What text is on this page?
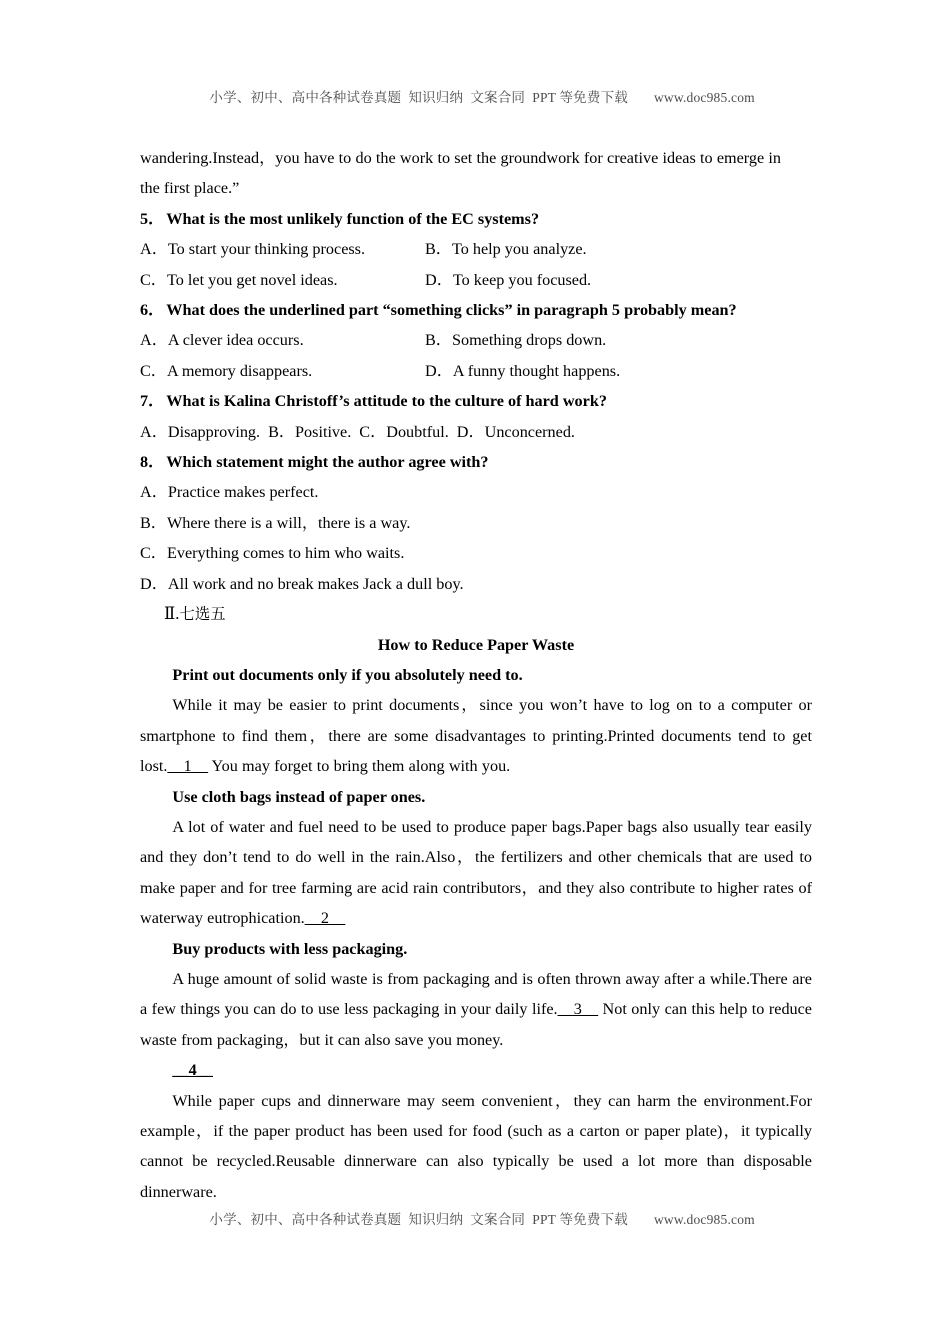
小学、初中、高中各种试卷真题  知识归纳  文案合同  PPT 等免费下载 www.doc985.com

wandering.Instead，you have to do the work to set the groundwork for creative ideas to emerge in

the first place.”

5． What is the most unlikely function of the EC systems?

A．To start your thinking process.	B．To help you analyze.
C．To let you get novel ideas.	D．To keep you focused.

6． What does the underlined part “something clicks” in paragraph 5 probably mean?

A．A clever idea occurs.	B．Something drops down.
C．A memory disappears.	D．A funny thought happens.

7． What is Kalina Christoff’s attitude to the culture of hard work?

A．Disapproving. B．Positive. C．Doubtful. D．Unconcerned.

8． Which statement might the author agree with?

A．Practice makes perfect.

B．Where there is a will，there is a way.

C．Everything comes to him who waits.

D．All work and no break makes Jack a dull boy.

Ⅱ.七选五

How to Reduce Paper Waste

Print out documents only if you absolutely need to.

While it may be easier to print documents，since you won’t have to log on to a computer or smartphone to find them，there are some disadvantages to printing.Printed documents tend to get lost.__1__ You may forget to bring them along with you.

Use cloth bags instead of paper ones.

A lot of water and fuel need to be used to produce paper bags.Paper bags also usually tear easily and they don’t tend to do well in the rain.Also，the fertilizers and other chemicals that are used to make paper and for tree farming are acid rain contributors，and they also contribute to higher rates of waterway eutrophication.__2__

Buy products with less packaging.

A huge amount of solid waste is from packaging and is often thrown away after a while.There are a few things you can do to use less packaging in your daily life.__3__ Not only can this help to reduce waste from packaging，but it can also save you money.

__4__

While paper cups and dinnerware may seem convenient，they can harm the environment.For example，if the paper product has been used for food (such as a carton or paper plate)，it typically cannot be recycled.Reusable dinnerware can also typically be used a lot more than disposable dinnerware.

小学、初中、高中各种试卷真题  知识归纳  文案合同  PPT 等免费下载 www.doc985.com
